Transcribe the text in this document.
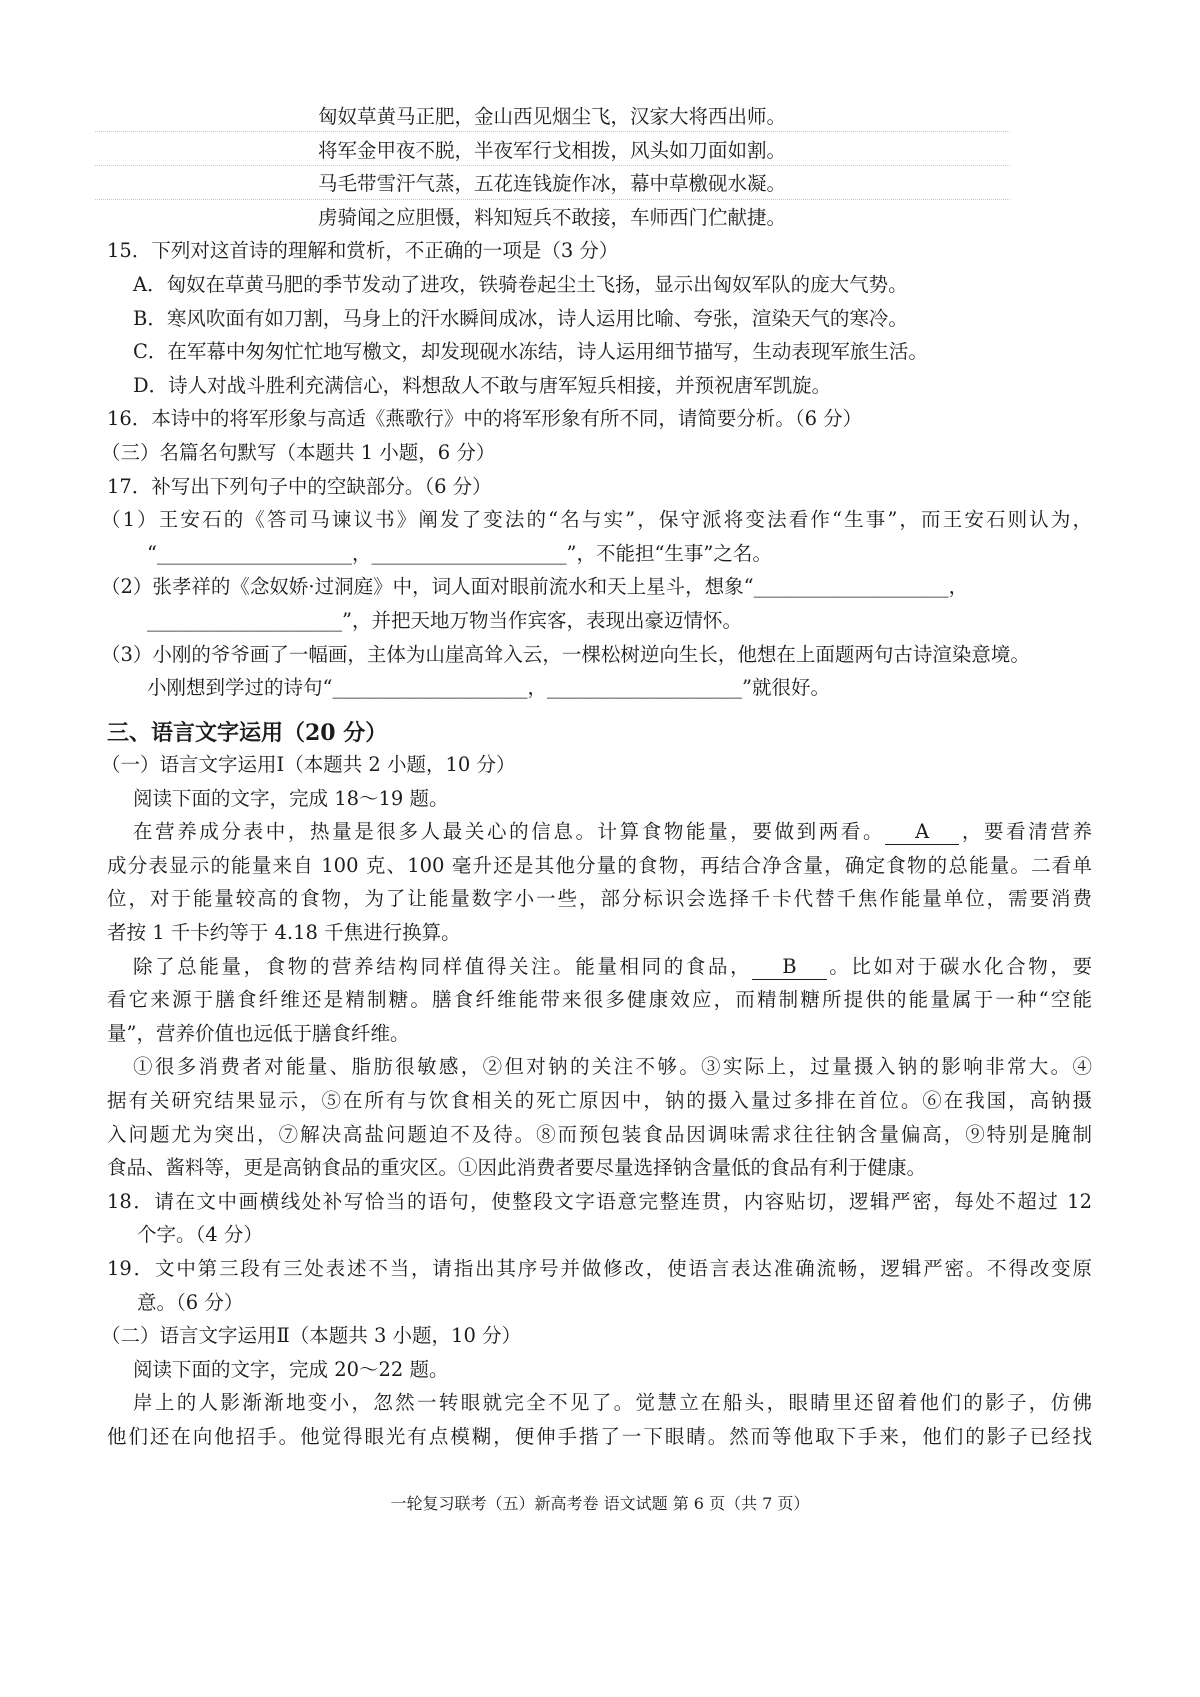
匈奴草黄马正肥，金山西见烟尘飞，汉家大将西出师。
将军金甲夜不脱，半夜军行戈相拨，风头如刀面如割。
马毛带雪汗气蒸，五花连钱旋作冰，幕中草檄砚水凝。
虏骑闻之应胆慑，料知短兵不敢接，车师西门伫献捷。
15．下列对这首诗的理解和赏析，不正确的一项是（3 分）
A．匈奴在草黄马肥的季节发动了进攻，铁骑卷起尘土飞扬，显示出匈奴军队的庞大气势。
B．寒风吹面有如刀割，马身上的汗水瞬间成冰，诗人运用比喻、夸张，渲染天气的寒冷。
C．在军幕中匆匆忙忙地写檄文，却发现砚水冻结，诗人运用细节描写，生动表现军旅生活。
D．诗人对战斗胜利充满信心，料想敌人不敢与唐军短兵相接，并预祝唐军凯旋。
16．本诗中的将军形象与高适《燕歌行》中的将军形象有所不同，请简要分析。（6 分）
（三）名篇名句默写（本题共 1 小题，6 分）
17．补写出下列句子中的空缺部分。（6 分）
（1）王安石的《答司马谏议书》阐发了变法的“名与实”，保守派将变法看作“生事”，而王安石则认为，
“____________________，____________________”，不能担“生事”之名。
（2）张孝祥的《念奴娇·过洞庭》中，词人面对眼前流水和天上星斗，想象“____________________，
____________________”，并把天地万物当作宾客，表现出豪迈情怀。
（3）小刚的爷爷画了一幅画，主体为山崖高耸入云，一棵松树逆向生长，他想在上面题两句古诗渲染意境。
小刚想到学过的诗句“____________________，____________________”就很好。
三、语言文字运用（20 分）
（一）语言文字运用Ⅰ（本题共 2 小题，10 分）
阅读下面的文字，完成 18～19 题。
在营养成分表中，热量是很多人最关心的信息。计算食物能量，要做到两看。 A ，要看清营养
成分表显示的能量来自 100 克、100 毫升还是其他分量的食物，再结合净含量，确定食物的总能量。二看单
位，对于能量较高的食物，为了让能量数字小一些，部分标识会选择千卡代替千焦作能量单位，需要消费
者按 1 千卡约等于 4.18 千焦进行换算。
除了总能量，食物的营养结构同样值得关注。能量相同的食品， B 。比如对于碳水化合物，要
看它来源于膳食纤维还是精制糖。膳食纤维能带来很多健康效应，而精制糖所提供的能量属于一种“空能
量”，营养价值也远低于膳食纤维。
①很多消费者对能量、脂肪很敏感，②但对钠的关注不够。③实际上，过量摄入钠的影响非常大。④
据有关研究结果显示，⑤在所有与饮食相关的死亡原因中，钠的摄入量过多排在首位。⑥在我国，高钠摄
入问题尤为突出，⑦解决高盐问题迫不及待。⑧而预包装食品因调味需求往往钠含量偏高，⑨特别是腌制
食品、酱料等，更是高钠食品的重灾区。①因此消费者要尽量选择钠含量低的食品有利于健康。
18．请在文中画横线处补写恰当的语句，使整段文字语意完整连贯，内容贴切，逻辑严密，每处不超过 12
个字。（4 分）
19．文中第三段有三处表述不当，请指出其序号并做修改，使语言表达准确流畅，逻辑严密。不得改变原
意。（6 分）
（二）语言文字运用Ⅱ（本题共 3 小题，10 分）
阅读下面的文字，完成 20～22 题。
岸上的人影渐渐地变小，忽然一转眼就完全不见了。觉慧立在船头，眼睛里还留着他们的影子，仿佛
他们还在向他招手。他觉得眼光有点模糊，便伸手揩了一下眼睛。然而等他取下手来，他们的影子已经找
一轮复习联考（五）新高考卷 语文试题 第 6 页（共 7 页）
